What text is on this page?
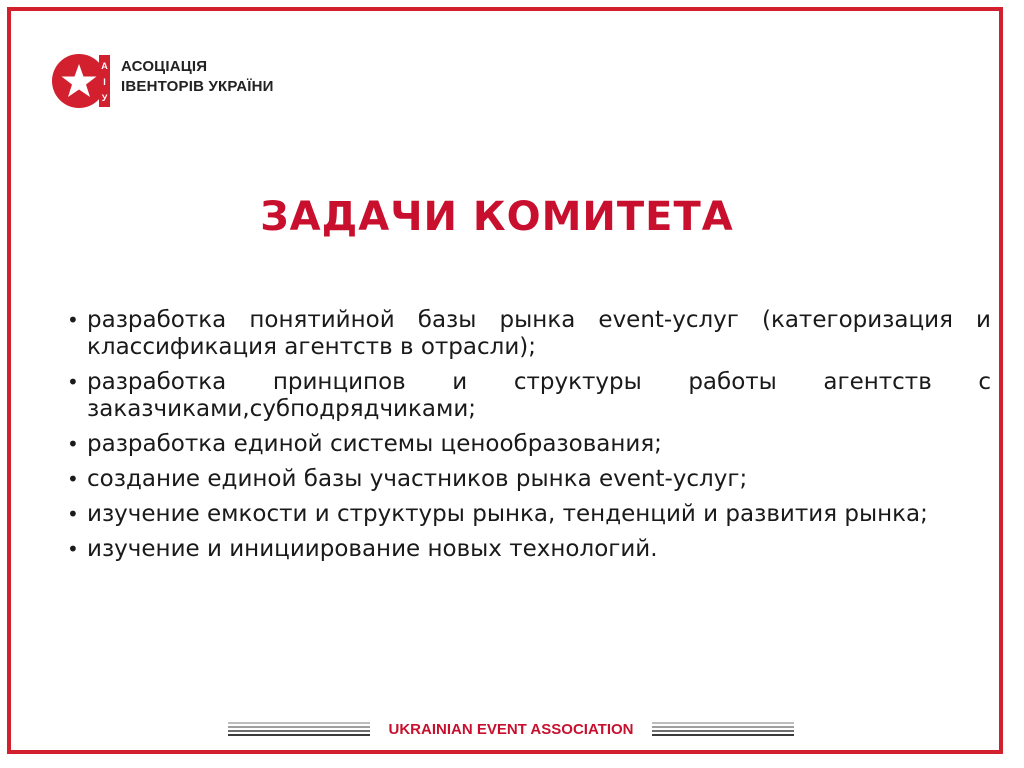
А
І
У
АСОЦІАЦІЯ
ІВЕНТОРІВ УКРАЇНИ
ЗАДАЧИ КОМИТЕТА
• разработка понятийной базы рынка event-услуг (категоризация и классификация агентств в отрасли);
• разработка принципов и структуры работы агентств с заказчиками,субподрядчиками;
• разработка единой системы ценообразования;
• создание единой базы участников рынка event-услуг;
• изучение емкости и структуры рынка, тенденций и развития рынка;
• изучение и инициирование новых технологий.
UKRAINIAN EVENT ASSOCIATION
